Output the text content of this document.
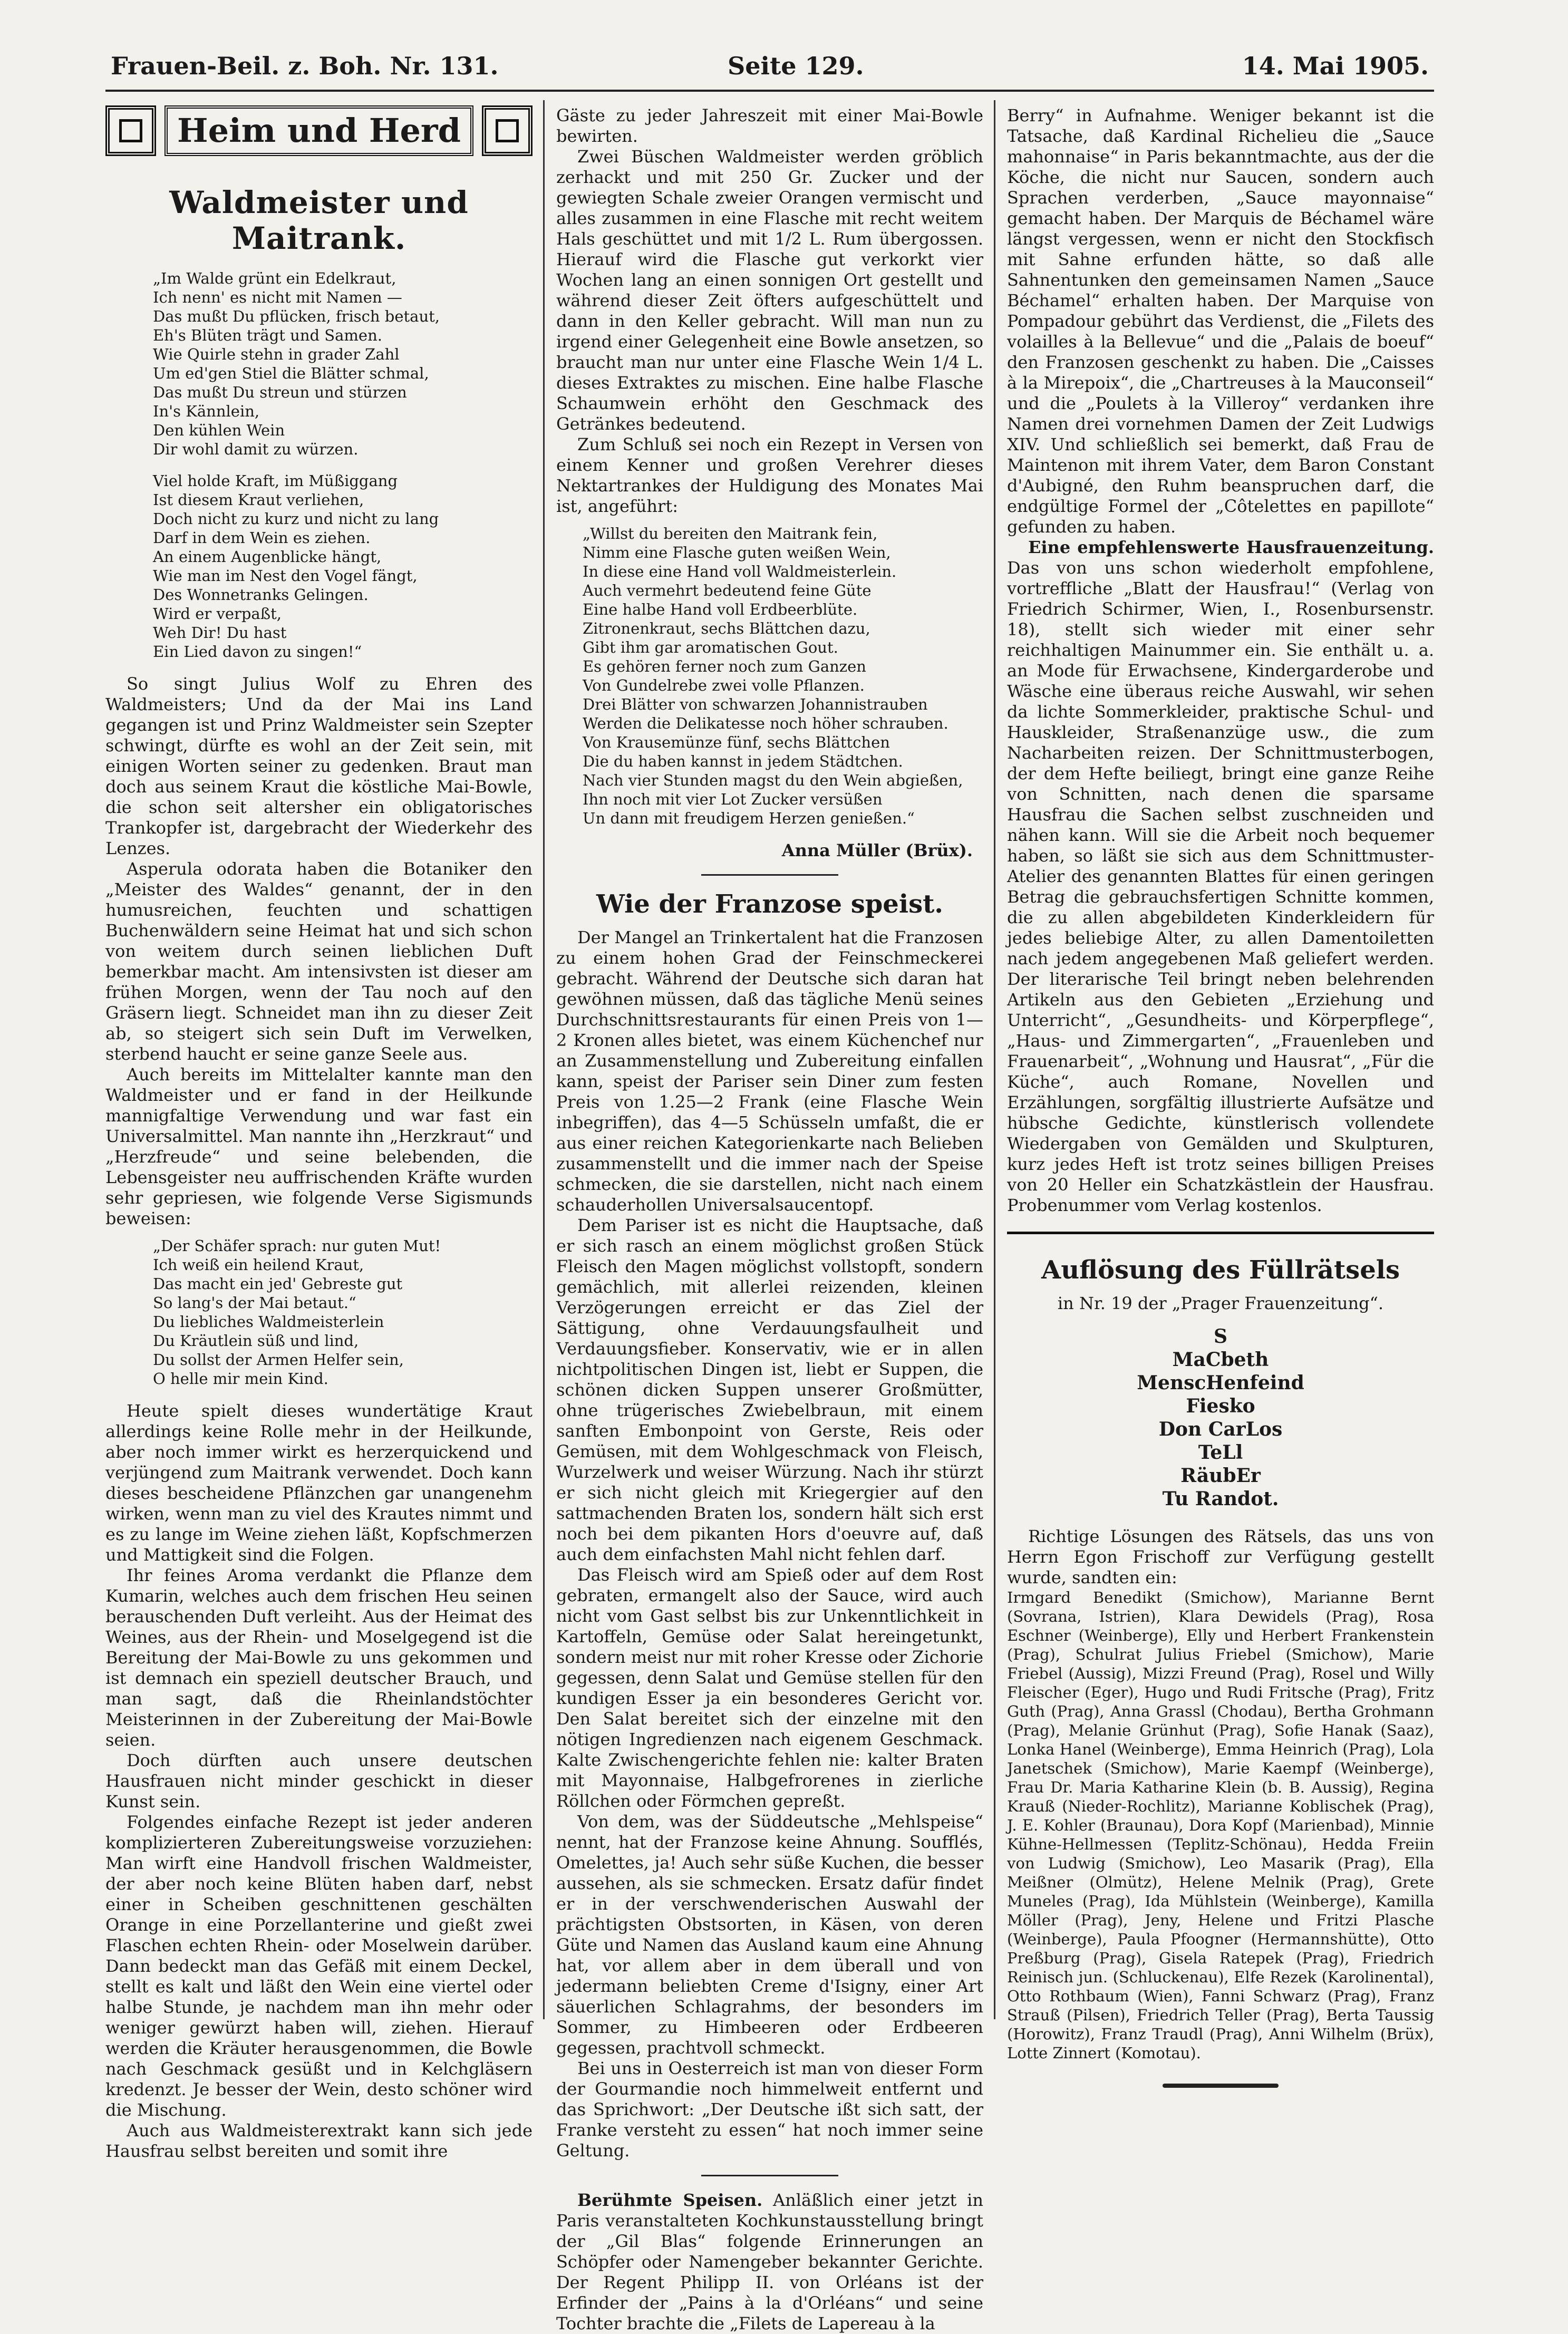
Frauen-Beil. z. Boh. Nr. 131.	Seite 129.	14. Mai 1905.
Heim und Herd
Waldmeister und Maitrank.
„Im Walde grünt ein Edelkraut,
Ich nenn' es nicht mit Namen —
Das mußt Du pflücken, frisch betaut,
Eh's Blüten trägt und Samen.
Wie Quirle stehn in grader Zahl
Um ed'gen Stiel die Blätter schmal,
Das mußt Du streun und stürzen
In's Kännlein,
Den kühlen Wein
Dir wohl damit zu würzen.
Viel holde Kraft, im Müßiggang
Ist diesem Kraut verliehen,
Doch nicht zu kurz und nicht zu lang
Darf in dem Wein es ziehen.
An einem Augenblicke hängt,
Wie man im Nest den Vogel fängt,
Des Wonnetranks Gelingen.
Wird er verpaßt,
Weh Dir! Du hast
Ein Lied davon zu singen!“

So singt Julius Wolf zu Ehren des Waldmeisters; Und da der Mai ins Land gegangen ist und Prinz Waldmeister sein Szepter schwingt, dürfte es wohl an der Zeit sein, mit einigen Worten seiner zu gedenken. Braut man doch aus seinem Kraut die köstliche Mai-Bowle, die schon seit altersher ein obligatorisches Trankopfer ist, dargebracht der Wiederkehr des Lenzes.

Asperula odorata haben die Botaniker den „Meister des Waldes“ genannt, der in den humusreichen, feuchten und schattigen Buchenwäldern seine Heimat hat und sich schon von weitem durch seinen lieblichen Duft bemerkbar macht. Am intensivsten ist dieser am frühen Morgen, wenn der Tau noch auf den Gräsern liegt. Schneidet man ihn zu dieser Zeit ab, so steigert sich sein Duft im Verwelken, sterbend haucht er seine ganze Seele aus.

Auch bereits im Mittelalter kannte man den Waldmeister und er fand in der Heilkunde mannigfaltige Verwendung und war fast ein Universalmittel. Man nannte ihn „Herzkraut“ und „Herzfreude“ und seine belebenden, die Lebensgeister neu auffrischenden Kräfte wurden sehr gepriesen, wie folgende Verse Sigismunds beweisen:

„Der Schäfer sprach: nur guten Mut!
Ich weiß ein heilend Kraut,
Das macht ein jed' Gebreste gut
So lang's der Mai betaut.“
Du liebliches Waldmeisterlein
Du Kräutlein süß und lind,
Du sollst der Armen Helfer sein,
O helle mir mein Kind.

Heute spielt dieses wundertätige Kraut allerdings keine Rolle mehr in der Heilkunde, aber noch immer wirkt es herzerquickend und verjüngend zum Maitrank verwendet. Doch kann dieses bescheidene Pflänzchen gar unangenehm wirken, wenn man zu viel des Krautes nimmt und es zu lange im Weine ziehen läßt, Kopfschmerzen und Mattigkeit sind die Folgen.

Ihr feines Aroma verdankt die Pflanze dem Kumarin, welches auch dem frischen Heu seinen berauschenden Duft verleiht. Aus der Heimat des Weines, aus der Rhein- und Moselgegend ist die Bereitung der Mai-Bowle zu uns gekommen und ist demnach ein speziell deutscher Brauch, und man sagt, daß die Rheinlandstöchter Meisterinnen in der Zubereitung der Mai-Bowle seien.

Doch dürften auch unsere deutschen Hausfrauen nicht minder geschickt in dieser Kunst sein.

Folgendes einfache Rezept ist jeder anderen komplizierteren Zubereitungsweise vorzuziehen: Man wirft eine Handvoll frischen Waldmeister, der aber noch keine Blüten haben darf, nebst einer in Scheiben geschnittenen geschälten Orange in eine Porzellanterine und gießt zwei Flaschen echten Rhein- oder Moselwein darüber. Dann bedeckt man das Gefäß mit einem Deckel, stellt es kalt und läßt den Wein eine viertel oder halbe Stunde, je nachdem man ihn mehr oder weniger gewürzt haben will, ziehen. Hierauf werden die Kräuter herausgenommen, die Bowle nach Geschmack gesüßt und in Kelchgläsern kredenzt. Je besser der Wein, desto schöner wird die Mischung.

Auch aus Waldmeisterextrakt kann sich jede Hausfrau selbst bereiten und somit ihre

Gäste zu jeder Jahreszeit mit einer Mai-Bowle bewirten.

Zwei Büschen Waldmeister werden gröblich zerhackt und mit 250 Gr. Zucker und der gewiegten Schale zweier Orangen vermischt und alles zusammen in eine Flasche mit recht weitem Hals geschüttet und mit 1/2 L. Rum übergossen. Hierauf wird die Flasche gut verkorkt vier Wochen lang an einen sonnigen Ort gestellt und während dieser Zeit öfters aufgeschüttelt und dann in den Keller gebracht. Will man nun zu irgend einer Gelegenheit eine Bowle ansetzen, so braucht man nur unter eine Flasche Wein 1/4 L. dieses Extraktes zu mischen. Eine halbe Flasche Schaumwein erhöht den Geschmack des Getränkes bedeutend.

Zum Schluß sei noch ein Rezept in Versen von einem Kenner und großen Verehrer dieses Nektartrankes der Huldigung des Monates Mai ist, angeführt:

„Willst du bereiten den Maitrank fein,
Nimm eine Flasche guten weißen Wein,
In diese eine Hand voll Waldmeisterlein.
Auch vermehrt bedeutend feine Güte
Eine halbe Hand voll Erdbeerblüte.
Zitronenkraut, sechs Blättchen dazu,
Gibt ihm gar aromatischen Gout.
Es gehören ferner noch zum Ganzen
Von Gundelrebe zwei volle Pflanzen.
Drei Blätter von schwarzen Johannistrauben
Werden die Delikatesse noch höher schrauben.
Von Krausemünze fünf, sechs Blättchen
Die du haben kannst in jedem Städtchen.
Nach vier Stunden magst du den Wein abgießen,
Ihn noch mit vier Lot Zucker versüßen
Un dann mit freudigem Herzen genießen.“
Anna Müller (Brüx).
Wie der Franzose speist.

Der Mangel an Trinkertalent hat die Franzosen zu einem hohen Grad der Feinschmeckerei gebracht. Während der Deutsche sich daran hat gewöhnen müssen, daß das tägliche Menü seines Durchschnittsrestaurants für einen Preis von 1—2 Kronen alles bietet, was einem Küchenchef nur an Zusammenstellung und Zubereitung einfallen kann, speist der Pariser sein Diner zum festen Preis von 1.25—2 Frank (eine Flasche Wein inbegriffen), das 4—5 Schüsseln umfaßt, die er aus einer reichen Kategorienkarte nach Belieben zusammenstellt und die immer nach der Speise schmecken, die sie darstellen, nicht nach einem schauderhollen Universalsaucentopf.

Dem Pariser ist es nicht die Hauptsache, daß er sich rasch an einem möglichst großen Stück Fleisch den Magen möglichst vollstopft, sondern gemächlich, mit allerlei reizenden, kleinen Verzögerungen erreicht er das Ziel der Sättigung, ohne Verdauungsfaulheit und Verdauungsfieber. Konservativ, wie er in allen nichtpolitischen Dingen ist, liebt er Suppen, die schönen dicken Suppen unserer Großmütter, ohne trügerisches Zwiebelbraun, mit einem sanften Embonpoint von Gerste, Reis oder Gemüsen, mit dem Wohlgeschmack von Fleisch, Wurzelwerk und weiser Würzung. Nach ihr stürzt er sich nicht gleich mit Kriegergier auf den sattmachenden Braten los, sondern hält sich erst noch bei dem pikanten Hors d'oeuvre auf, daß auch dem einfachsten Mahl nicht fehlen darf.

Das Fleisch wird am Spieß oder auf dem Rost gebraten, ermangelt also der Sauce, wird auch nicht vom Gast selbst bis zur Unkenntlichkeit in Kartoffeln, Gemüse oder Salat hereingetunkt, sondern meist nur mit roher Kresse oder Zichorie gegessen, denn Salat und Gemüse stellen für den kundigen Esser ja ein besonderes Gericht vor. Den Salat bereitet sich der einzelne mit den nötigen Ingredienzen nach eigenem Geschmack. Kalte Zwischengerichte fehlen nie: kalter Braten mit Mayonnaise, Halbgefrorenes in zierliche Röllchen oder Förmchen gepreßt.

Von dem, was der Süddeutsche „Mehlspeise“ nennt, hat der Franzose keine Ahnung. Soufflés, Omelettes, ja! Auch sehr süße Kuchen, die besser aussehen, als sie schmecken. Ersatz dafür findet er in der verschwenderischen Auswahl der prächtigsten Obstsorten, in Käsen, von deren Güte und Namen das Ausland kaum eine Ahnung hat, vor allem aber in dem überall und von jedermann beliebten Creme d'Isigny, einer Art säuerlichen Schlagrahms, der besonders im Sommer, zu Himbeeren oder Erdbeeren gegessen, prachtvoll schmeckt.

Bei uns in Oesterreich ist man von dieser Form der Gourmandie noch himmelweit entfernt und das Sprichwort: „Der Deutsche ißt sich satt, der Franke versteht zu essen“ hat noch immer seine Geltung.

Berühmte Speisen. Anläßlich einer jetzt in Paris veranstalteten Kochkunstausstellung bringt der „Gil Blas“ folgende Erinnerungen an Schöpfer oder Namengeber bekannter Gerichte. Der Regent Philipp II. von Orléans ist der Erfinder der „Pains à la d'Orléans“ und seine Tochter brachte die „Filets de Lapereau à la

Berry“ in Aufnahme. Weniger bekannt ist die Tatsache, daß Kardinal Richelieu die „Sauce mahonnaise“ in Paris bekanntmachte, aus der die Köche, die nicht nur Saucen, sondern auch Sprachen verderben, „Sauce mayonnaise“ gemacht haben. Der Marquis de Béchamel wäre längst vergessen, wenn er nicht den Stockfisch mit Sahne erfunden hätte, so daß alle Sahnentunken den gemeinsamen Namen „Sauce Béchamel“ erhalten haben. Der Marquise von Pompadour gebührt das Verdienst, die „Filets des volailles à la Bellevue“ und die „Palais de boeuf“ den Franzosen geschenkt zu haben. Die „Caisses à la Mirepoix“, die „Chartreuses à la Mauconseil“ und die „Poulets à la Villeroy“ verdanken ihre Namen drei vornehmen Damen der Zeit Ludwigs XIV. Und schließlich sei bemerkt, daß Frau de Maintenon mit ihrem Vater, dem Baron Constant d'Aubigné, den Ruhm beanspruchen darf, die endgültige Formel der „Côtelettes en papillote“ gefunden zu haben.

Eine empfehlenswerte Hausfrauenzeitung. Das von uns schon wiederholt empfohlene, vortreffliche „Blatt der Hausfrau!“ (Verlag von Friedrich Schirmer, Wien, I., Rosenbursenstr. 18), stellt sich wieder mit einer sehr reichhaltigen Mainummer ein. Sie enthält u. a. an Mode für Erwachsene, Kindergarderobe und Wäsche eine überaus reiche Auswahl, wir sehen da lichte Sommerkleider, praktische Schul- und Hauskleider, Straßenanzüge usw., die zum Nacharbeiten reizen. Der Schnittmusterbogen, der dem Hefte beiliegt, bringt eine ganze Reihe von Schnitten, nach denen die sparsame Hausfrau die Sachen selbst zuschneiden und nähen kann. Will sie die Arbeit noch bequemer haben, so läßt sie sich aus dem Schnittmuster-Atelier des genannten Blattes für einen geringen Betrag die gebrauchsfertigen Schnitte kommen, die zu allen abgebildeten Kinderkleidern für jedes beliebige Alter, zu allen Damentoiletten nach jedem angegebenen Maß geliefert werden. Der literarische Teil bringt neben belehrenden Artikeln aus den Gebieten „Erziehung und Unterricht“, „Gesundheits- und Körperpflege“, „Haus- und Zimmergarten“, „Frauenleben und Frauenarbeit“, „Wohnung und Hausrat“, „Für die Küche“, auch Romane, Novellen und Erzählungen, sorgfältig illustrierte Aufsätze und hübsche Gedichte, künstlerisch vollendete Wiedergaben von Gemälden und Skulpturen, kurz jedes Heft ist trotz seines billigen Preises von 20 Heller ein Schatzkästlein der Hausfrau. Probenummer vom Verlag kostenlos.

Auflösung des Füllrätsels
in Nr. 19 der „Prager Frauenzeitung“.
S
MaCbeth
MenscHenfeind
Fiesko
Don CarLos
TeLl
RäubEr
Tu Randot.

Richtige Lösungen des Rätsels, das uns von Herrn Egon Frischoff zur Verfügung gestellt wurde, sandten ein:

Irmgard Benedikt (Smichow), Marianne Bernt (Sovrana, Istrien), Klara Dewidels (Prag), Rosa Eschner (Weinberge), Elly und Herbert Frankenstein (Prag), Schulrat Julius Friebel (Smichow), Marie Friebel (Aussig), Mizzi Freund (Prag), Rosel und Willy Fleischer (Eger), Hugo und Rudi Fritsche (Prag), Fritz Guth (Prag), Anna Grassl (Chodau), Bertha Grohmann (Prag), Melanie Grünhut (Prag), Sofie Hanak (Saaz), Lonka Hanel (Weinberge), Emma Heinrich (Prag), Lola Janetschek (Smichow), Marie Kaempf (Weinberge), Frau Dr. Maria Katharine Klein (b. B. Aussig), Regina Krauß (Nieder-Rochlitz), Marianne Koblischek (Prag), J. E. Kohler (Braunau), Dora Kopf (Marienbad), Minnie Kühne-Hellmessen (Teplitz-Schönau), Hedda Freiin von Ludwig (Smichow), Leo Masarik (Prag), Ella Meißner (Olmütz), Helene Melnik (Prag), Grete Muneles (Prag), Ida Mühlstein (Weinberge), Kamilla Möller (Prag), Jeny, Helene und Fritzi Plasche (Weinberge), Paula Pfoogner (Hermannshütte), Otto Preßburg (Prag), Gisela Ratepek (Prag), Friedrich Reinisch jun. (Schluckenau), Elfe Rezek (Karolinental), Otto Rothbaum (Wien), Fanni Schwarz (Prag), Franz Strauß (Pilsen), Friedrich Teller (Prag), Berta Taussig (Horowitz), Franz Traudl (Prag), Anni Wilhelm (Brüx), Lotte Zinnert (Komotau).
